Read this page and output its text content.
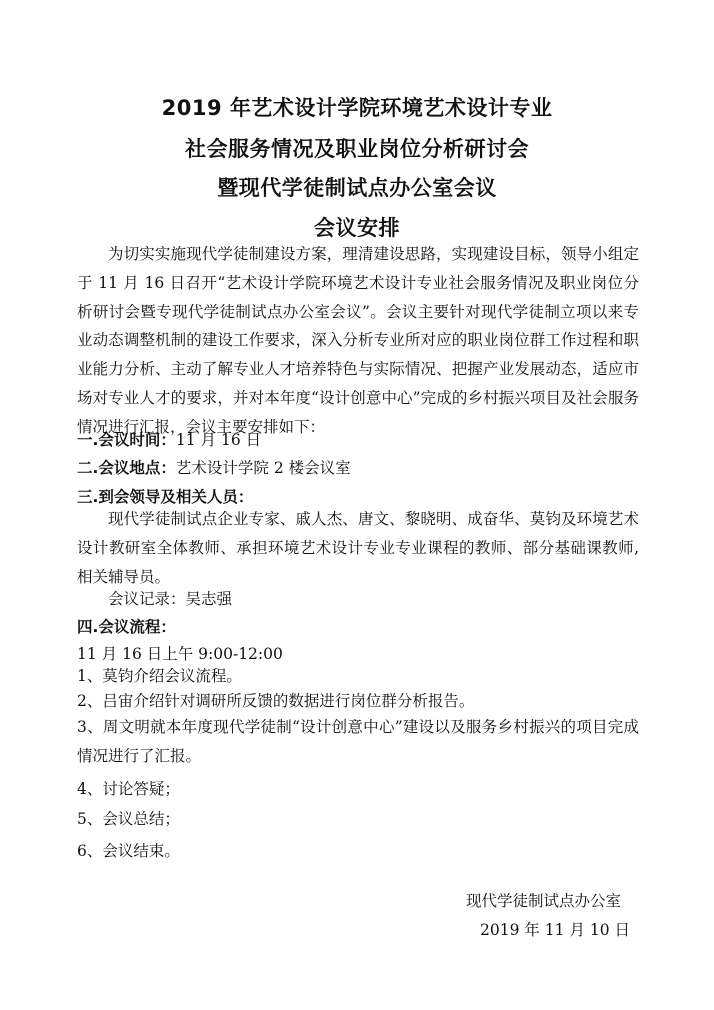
2019 年艺术设计学院环境艺术设计专业
社会服务情况及职业岗位分析研讨会
暨现代学徒制试点办公室会议
会议安排
为切实实施现代学徒制建设方案，理清建设思路，实现建设目标，领导小组定于 11 月 16 日召开“艺术设计学院环境艺术设计专业社会服务情况及职业岗位分析研讨会暨专现代学徒制试点办公室会议”。会议主要针对现代学徒制立项以来专业动态调整机制的建设工作要求，深入分析专业所对应的职业岗位群工作过程和职业能力分析、主动了解专业人才培养特色与实际情况、把握产业发展动态，适应市场对专业人才的要求，并对本年度“设计创意中心”完成的乡村振兴项目及社会服务情况进行汇报，会议主要安排如下：
一.会议时间：11 月 16 日
二.会议地点：艺术设计学院 2 楼会议室
三.到会领导及相关人员：
现代学徒制试点企业专家、戚人杰、唐文、黎晓明、成奋华、莫钧及环境艺术设计教研室全体教师、承担环境艺术设计专业专业课程的教师、部分基础课教师,相关辅导员。
会议记录：吴志强
四.会议流程：
11 月 16 日上午 9:00-12:00
1、莫钧介绍会议流程。
2、吕宙介绍针对调研所反馈的数据进行岗位群分析报告。
3、周文明就本年度现代学徒制“设计创意中心”建设以及服务乡村振兴的项目完成情况进行了汇报。
4、讨论答疑；
5、会议总结；
6、会议结束。
现代学徒制试点办公室
2019 年 11 月 10 日
